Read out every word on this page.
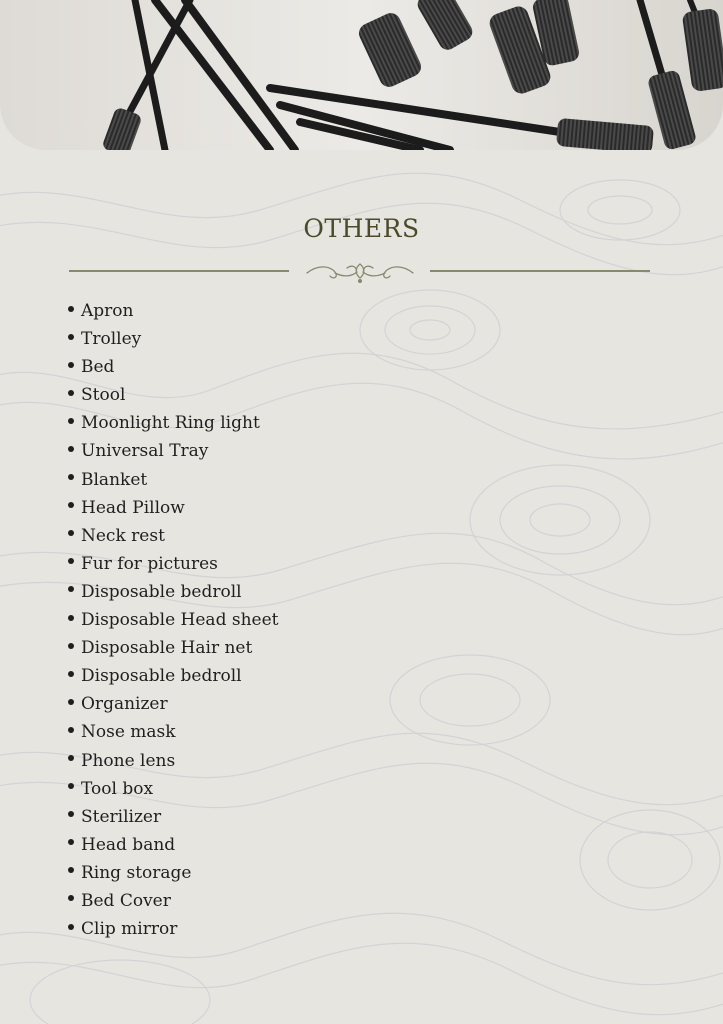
OTHERS
Apron
Trolley
Bed
Stool
Moonlight Ring light
Universal Tray
Blanket
Head Pillow
Neck rest
Fur for pictures
Disposable bedroll
Disposable Head sheet
Disposable Hair net
Disposable bedroll
Organizer
Nose mask
Phone lens
Tool box
Sterilizer
Head band
Ring storage
Bed Cover
Clip mirror
